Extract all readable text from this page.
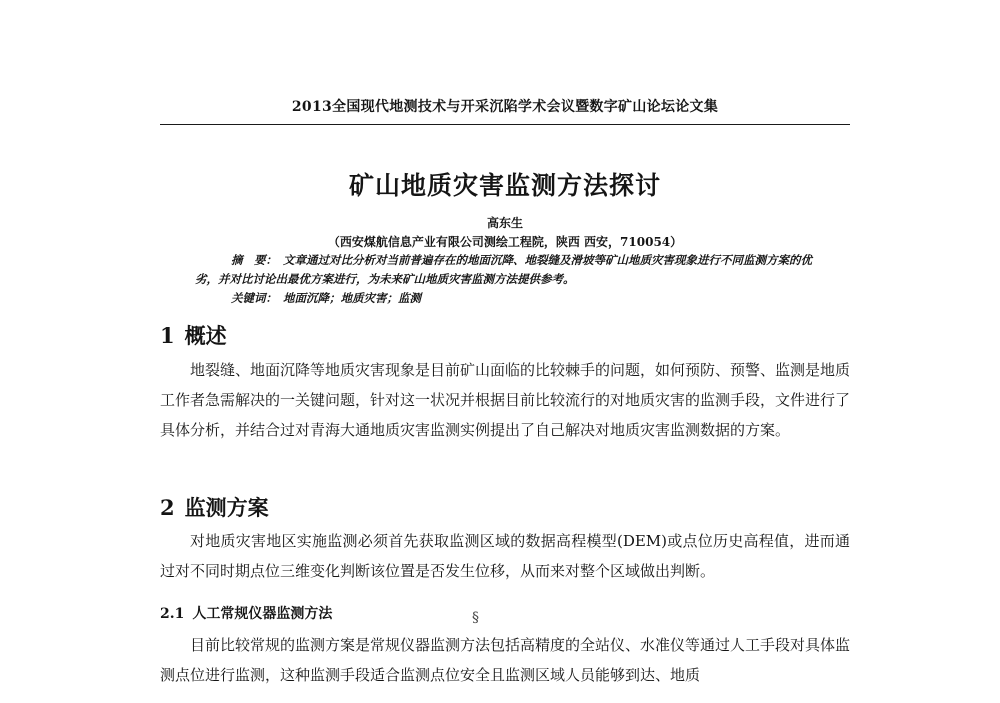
2013全国现代地测技术与开采沉陷学术会议暨数字矿山论坛论文集
矿山地质灾害监测方法探讨
高东生
（西安煤航信息产业有限公司测绘工程院，陕西 西安，710054）
摘　要： 文章通过对比分析对当前普遍存在的地面沉降、地裂缝及滑坡等矿山地质灾害现象进行不同监测方案的优劣，并对比讨论出最优方案进行，为未来矿山地质灾害监测方法提供参考。
关键词： 地面沉降；地质灾害；监测
1 概述
地裂缝、地面沉降等地质灾害现象是目前矿山面临的比较棘手的问题，如何预防、预警、监测是地质工作者急需解决的一关键问题，针对这一状况并根据目前比较流行的对地质灾害的监测手段，文件进行了具体分析，并结合过对青海大通地质灾害监测实例提出了自己解决对地质灾害监测数据的方案。
2 监测方案
对地质灾害地区实施监测必须首先获取监测区域的数据高程模型(DEM)或点位历史高程值，进而通过对不同时期点位三维变化判断该位置是否发生位移，从而来对整个区域做出判断。
2.1 人工常规仪器监测方法
目前比较常规的监测方案是常规仪器监测方法包括高精度的全站仪、水准仪等通过人工手段对具体监测点位进行监测，这种监测手段适合监测点位安全且监测区域人员能够到达、地质
§
